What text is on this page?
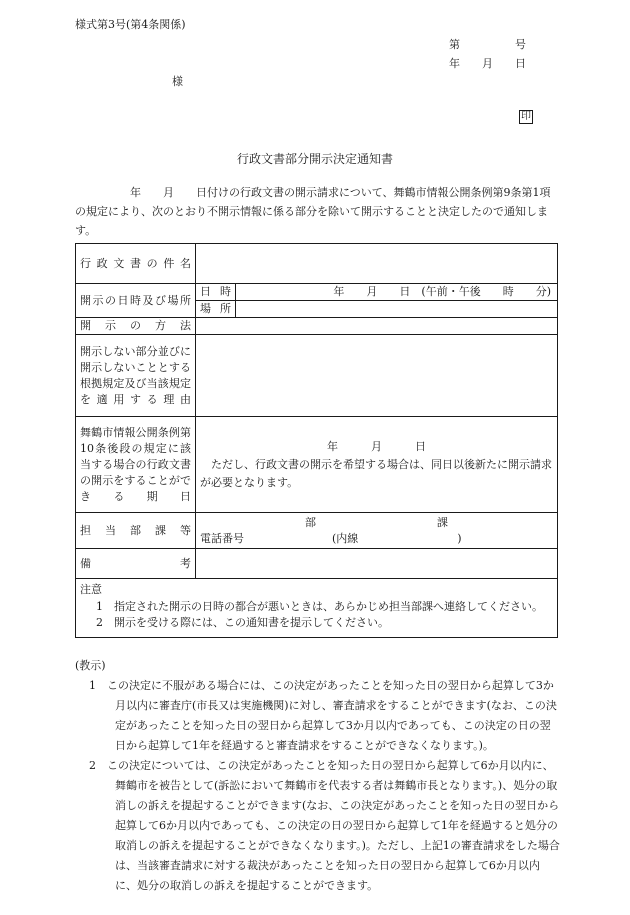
様式第3号(第4条関係)
第　　　　　号
年　　月　　日
様
印
行政文書部分開示決定通知書

　　　　　年　　月　　日付けの行政文書の開示請求について、舞鶴市情報公開条例第9条第1項の規定により、次のとおり不開示情報に係る部分を除いて開示することと決定したので通知します。

行政文書の件名		
開示の日時及び場所	日時	年　　月　　日　(午前・午後　　時　　分)
	場所	
開示の方法		
開示しない部分並びに開示しないこととする根拠規定及び当該規定を適用する理由		
舞鶴市情報公開条例第10条後段の規定に該当する場合の行政文書の開示をすることができる期日	年　　　月　　　日
　ただし、行政文書の開示を希望する場合は、同日以後新たに開示請求が必要となります。	

担当部課等	部　　　　　　　　　　　課
電話番号　　　　　　　　(内線　　　　　　　　　)	

備考		

注意
1　指定された開示の日時の都合が悪いときは、あらかじめ担当部課へ連絡してください。
2　開示を受ける際には、この通知書を提示してください。		
(教示)
1　この決定に不服がある場合には、この決定があったことを知った日の翌日から起算して3か月以内に審査庁(市長又は実施機関)に対し、審査請求をすることができます(なお、この決定があったことを知った日の翌日から起算して3か月以内であっても、この決定の日の翌日から起算して1年を経過すると審査請求をすることができなくなります。)。
2　この決定については、この決定があったことを知った日の翌日から起算して6か月以内に、舞鶴市を被告として(訴訟において舞鶴市を代表する者は舞鶴市長となります。)、処分の取消しの訴えを提起することができます(なお、この決定があったことを知った日の翌日から起算して6か月以内であっても、この決定の日の翌日から起算して1年を経過すると処分の取消しの訴えを提起することができなくなります。)。ただし、上記1の審査請求をした場合は、当該審査請求に対する裁決があったことを知った日の翌日から起算して6か月以内に、処分の取消しの訴えを提起することができます。
